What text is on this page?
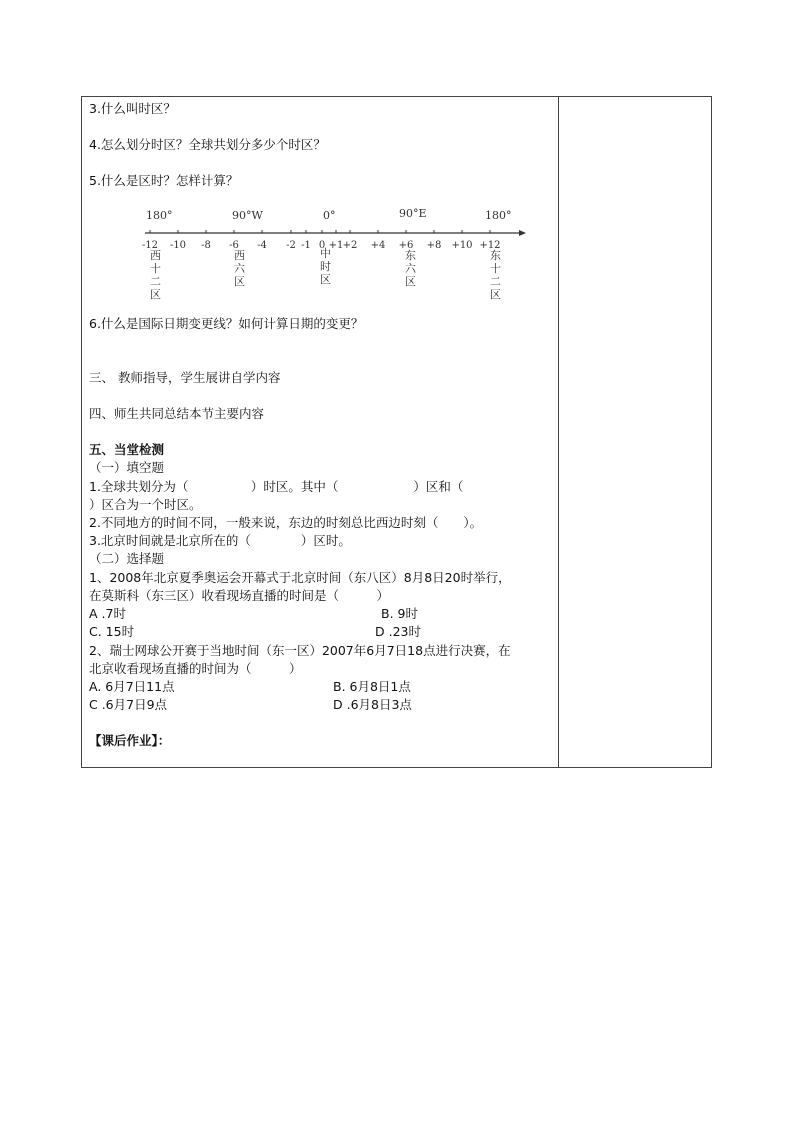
3.什么叫时区？
4.怎么划分时区？全球共划分多少个时区？
5.什么是区时？怎样计算？
180°	90°W	0°	90°E	180°
-12 -10 -8 -6 -4 -2 -1 0 +1 +2 +4 +6 +8 +10 +12
西
十
二
区
西
六
区
中
时
区
东
六
区
东
十
二
区
6.什么是国际日期变更线？如何计算日期的变更？
三、 教师指导，学生展讲自学内容
四、师生共同总结本节主要内容
五、当堂检测
（一）填空题
1.全球共划分为（　　　　　）时区。其中（　　　　　　）区和（
）区合为一个时区。
2.不同地方的时间不同，一般来说，东边的时刻总比西边时刻（　　）。
3.北京时间就是北京所在的（　　　　）区时。
（二）选择题
1、2008年北京夏季奥运会开幕式于北京时间（东八区）8月8日20时举行，
在莫斯科（东三区）收看现场直播的时间是（　　　）
A .7时	B. 9时
C. 15时	D .23时
2、瑞士网球公开赛于当地时间（东一区）2007年6月7日18点进行决赛，在
北京收看现场直播的时间为（　　　）
A. 6月7日11点	B. 6月8日1点
C .6月7日9点	D .6月8日3点
【课后作业】：
